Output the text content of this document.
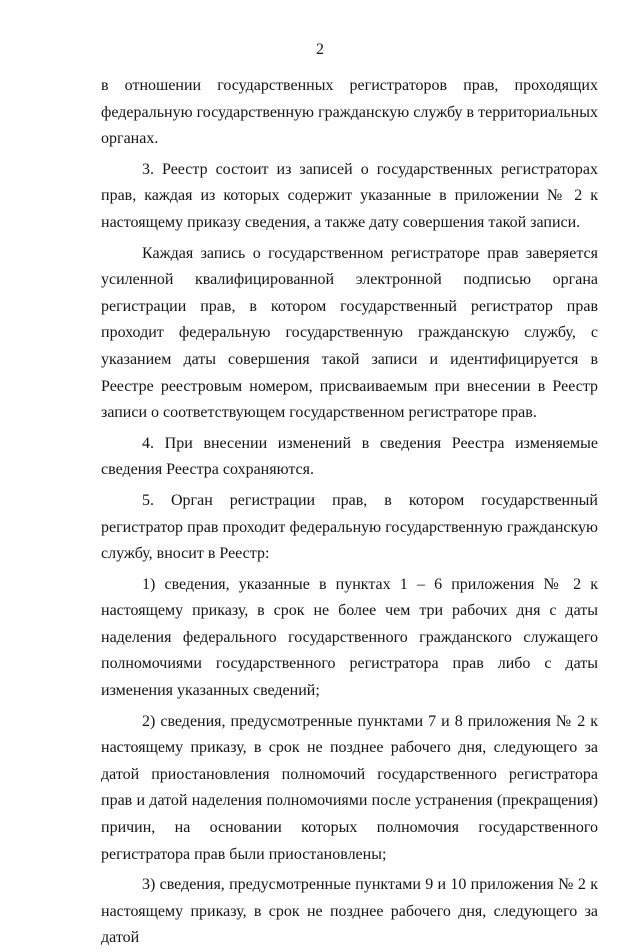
2

в отношении государственных регистраторов прав, проходящих федеральную государственную гражданскую службу в территориальных органах.

3. Реестр состоит из записей о государственных регистраторах прав, каждая из которых содержит указанные в приложении № 2 к настоящему приказу сведения, а также дату совершения такой записи.

Каждая запись о государственном регистраторе прав заверяется усиленной квалифицированной электронной подписью органа регистрации прав, в котором государственный регистратор прав проходит федеральную государственную гражданскую службу, с указанием даты совершения такой записи и идентифицируется в Реестре реестровым номером, присваиваемым при внесении в Реестр записи о соответствующем государственном регистраторе прав.

4. При внесении изменений в сведения Реестра изменяемые сведения Реестра сохраняются.

5. Орган регистрации прав, в котором государственный регистратор прав проходит федеральную государственную гражданскую службу, вносит в Реестр:

1) сведения, указанные в пунктах 1 – 6 приложения № 2 к настоящему приказу, в срок не более чем три рабочих дня с даты наделения федерального государственного гражданского служащего полномочиями государственного регистратора прав либо с даты изменения указанных сведений;

2) сведения, предусмотренные пунктами 7 и 8 приложения № 2 к настоящему приказу, в срок не позднее рабочего дня, следующего за датой приостановления полномочий государственного регистратора прав и датой наделения полномочиями после устранения (прекращения) причин, на основании которых полномочия государственного регистратора прав были приостановлены;

3) сведения, предусмотренные пунктами 9 и 10 приложения № 2 к настоящему приказу, в срок не позднее рабочего дня, следующего за датой
